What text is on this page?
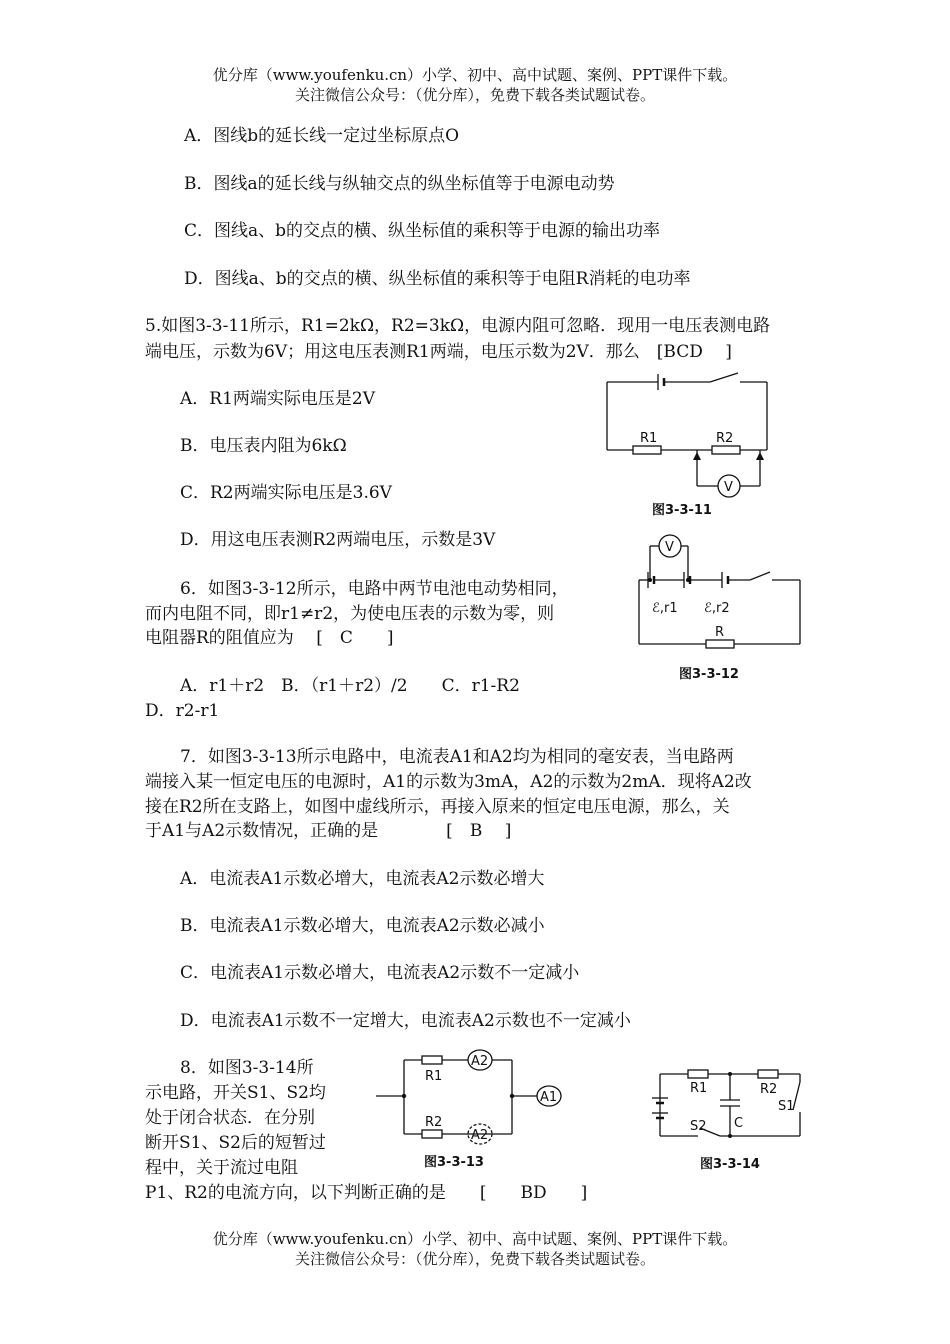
优分库（www.youfenku.cn）小学、初中、高中试题、案例、PPT课件下载。
关注微信公众号：（优分库），免费下载各类试题试卷。
A．图线b的延长线一定过坐标原点O
B．图线a的延长线与纵轴交点的纵坐标值等于电源电动势
C．图线a、b的交点的横、纵坐标值的乘积等于电源的输出功率
D．图线a、b的交点的横、纵坐标值的乘积等于电阻R消耗的电功率
5.如图3-3-11所示，R1=2kΩ，R2=3kΩ，电源内阻可忽略．现用一电压表测电路
端电压，示数为6V；用这电压表测R1两端，电压示数为2V．那么　[BCD　 ]
A．R1两端实际电压是2V
B．电压表内阻为6kΩ
C．R2两端实际电压是3.6V
D．用这电压表测R2两端电压，示数是3V
R1	R2
V
图3-3-11
6．如图3-3-12所示，电路中两节电池电动势相同，
而内电阻不同，即r1≠r2，为使电压表的示数为零，则
电阻器R的阻值应为　 [　C　　]
A．r1＋r2　B．（r1＋r2）/2　　C．r1-R2
D．r2-r1
V
ℰ,r1 ℰ,r2
R
图3-3-12
7．如图3-3-13所示电路中，电流表A1和A2均为相同的毫安表，当电路两
端接入某一恒定电压的电源时，A1的示数为3mA，A2的示数为2mA．现将A2改
接在R2所在支路上，如图中虚线所示，再接入原来的恒定电压电源，那么，关
于A1与A2示数情况，正确的是　　　　[　B　 ]
A．电流表A1示数必增大，电流表A2示数必增大
B．电流表A1示数必增大，电流表A2示数必减小
C．电流表A1示数必增大，电流表A2示数不一定减小
D．电流表A1示数不一定增大，电流表A2示数也不一定减小
8．如图3-3-14所
示电路，开关S1、S2均
处于闭合状态．在分别
断开S1、S2后的短暂过
程中，关于流过电阻
P1、R2的电流方向，以下判断正确的是　　[　　BD　　]
R1
R2
A2
A1
A2
图3-3-13
R1	R2
S1
C
S2
图3-3-14
优分库（www.youfenku.cn）小学、初中、高中试题、案例、PPT课件下载。
关注微信公众号：（优分库），免费下载各类试题试卷。
